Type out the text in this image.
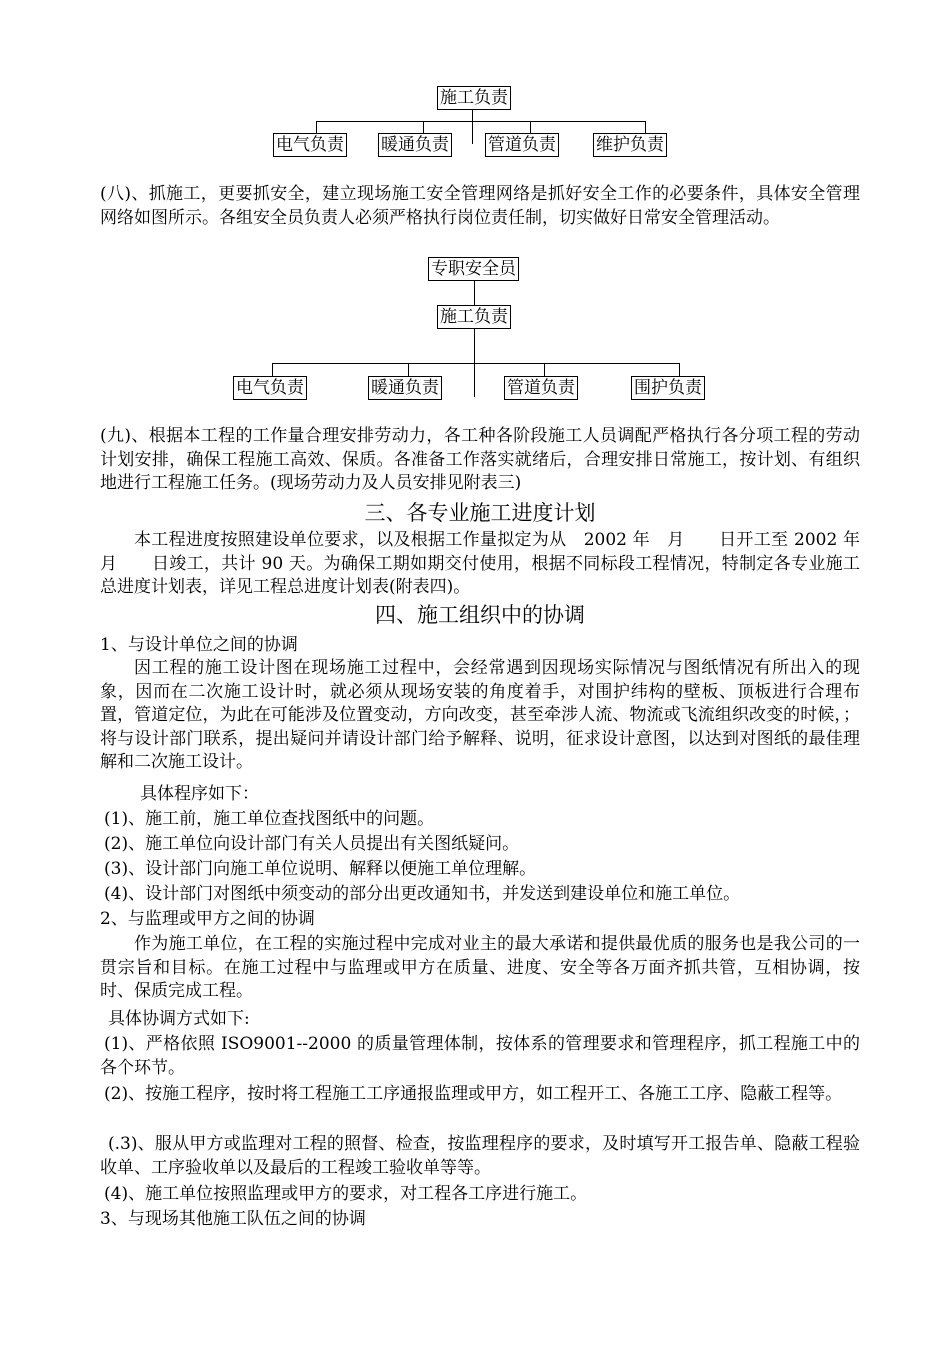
施工负责
电气负责 暖通负责 管道负责 维护负责
(八)、抓施工，更要抓安全，建立现场施工安全管理网络是抓好安全工作的必要条件，具体安全管理网络如图所示。各组安全员负责人必须严格执行岗位责任制，切实做好日常安全管理活动。
专职安全员
施工负责
电气负责	暖通负责	管道负责	围护负责
(九)、根据本工程的工作量合理安排劳动力，各工种各阶段施工人员调配严格执行各分项工程的劳动计划安排，确保工程施工高效、保质。各准备工作落实就绪后，合理安排日常施工，按计划、有组织地进行工程施工任务。(现场劳动力及人员安排见附表三)
三、各专业施工进度计划
本工程进度按照建设单位要求，以及根据工作量拟定为从　2002 年　月　　日开工至 2002 年　月　　日竣工，共计 90 天。为确保工期如期交付使用，根据不同标段工程情况，特制定各专业施工总进度计划表，详见工程总进度计划表(附表四)。
四、施工组织中的协调
1、与设计单位之间的协调
因工程的施工设计图在现场施工过程中，会经常遇到因现场实际情况与图纸情况有所出入的现象，因而在二次施工设计时，就必须从现场安装的角度着手，对围护纬构的壁板、顶板进行合理布置，管道定位，为此在可能涉及位置变动，方向改变，甚至牵涉人流、物流或飞流组织改变的时候，；将与设计部门联系，提出疑问并请设计部门给予解释、说明，征求设计意图，以达到对图纸的最佳理解和二次施工设计。
具体程序如下：
(1)、施工前，施工单位查找图纸中的问题。
(2)、施工单位向设计部门有关人员提出有关图纸疑问。
(3)、设计部门向施工单位说明、解释以便施工单位理解。
(4)、设计部门对图纸中须变动的部分出更改通知书，并发送到建设单位和施工单位。
2、与监理或甲方之间的协调
作为施工单位，在工程的实施过程中完成对业主的最大承诺和提供最优质的服务也是我公司的一贯宗旨和目标。在施工过程中与监理或甲方在质量、进度、安全等各万面齐抓共管，互相协调，按时、保质完成工程。
具体协调方式如下:
(1)、严格依照 ISO9001--2000 的质量管理体制，按体系的管理要求和管理程序，抓工程施工中的各个环节。
(2)、按施工程序，按时将工程施工工序通报监理或甲方，如工程开工、各施工工序、隐蔽工程等。
(.3)、服从甲方或监理对工程的照督、检查，按监理程序的要求，及时填写开工报告单、隐蔽工程验收单、工序验收单以及最后的工程竣工验收单等等。
(4)、施工单位按照监理或甲方的要求，对工程各工序进行施工。
3、与现场其他施工队伍之间的协调
